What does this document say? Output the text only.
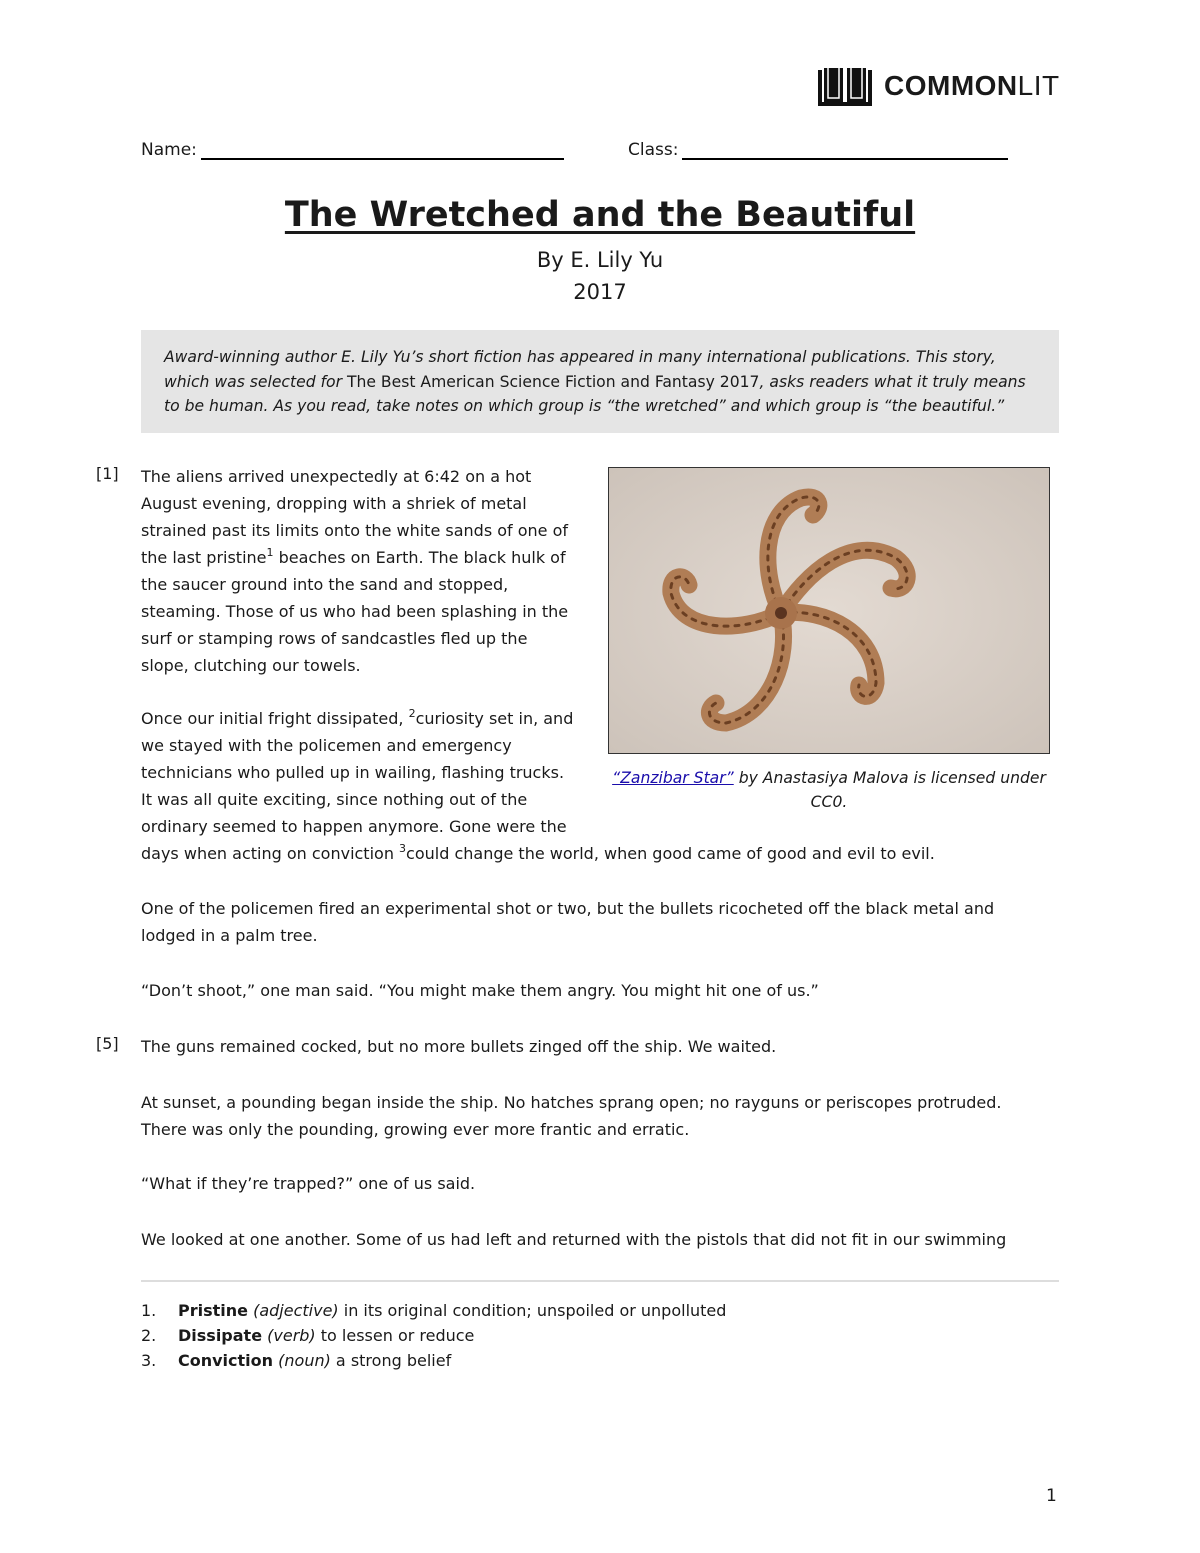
COMMONLIT
Name:	Class:
The Wretched and the Beautiful
By E. Lily Yu
2017
Award-winning author E. Lily Yu’s short fiction has appeared in many international publications. This story, which was selected for The Best American Science Fiction and Fantasy 2017, asks readers what it truly means to be human. As you read, take notes on which group is “the wretched” and which group is “the beautiful.”
[1] The aliens arrived unexpectedly at 6:42 on a hot
August evening, dropping with a shriek of metal
strained past its limits onto the white sands of one of
the last pristine$^1$ beaches on Earth. The black hulk of
the saucer ground into the sand and stopped,
steaming. Those of us who had been splashing in the
surf or stamping rows of sandcastles fled up the
slope, clutching our towels.
Once our initial fright dissipated, $^2$curiosity set in, and
we stayed with the policemen and emergency
technicians who pulled up in wailing, flashing trucks.
It was all quite exciting, since nothing out of the
ordinary seemed to happen anymore. Gone were the
days when acting on conviction $^3$could change the world, when good came of good and evil to evil.
“Zanzibar Star” by Anastasiya Malova is licensed under
CC0.
One of the policemen fired an experimental shot or two, but the bullets ricocheted off the black metal and
lodged in a palm tree.
“Don’t shoot,” one man said. “You might make them angry. You might hit one of us.”
[5] The guns remained cocked, but no more bullets zinged off the ship. We waited.
At sunset, a pounding began inside the ship. No hatches sprang open; no rayguns or periscopes protruded.
There was only the pounding, growing ever more frantic and erratic.
“What if they’re trapped?” one of us said.
We looked at one another. Some of us had left and returned with the pistols that did not fit in our swimming
1. Pristine (adjective) in its original condition; unspoiled or unpolluted
2. Dissipate (verb) to lessen or reduce
3. Conviction (noun) a strong belief
1
